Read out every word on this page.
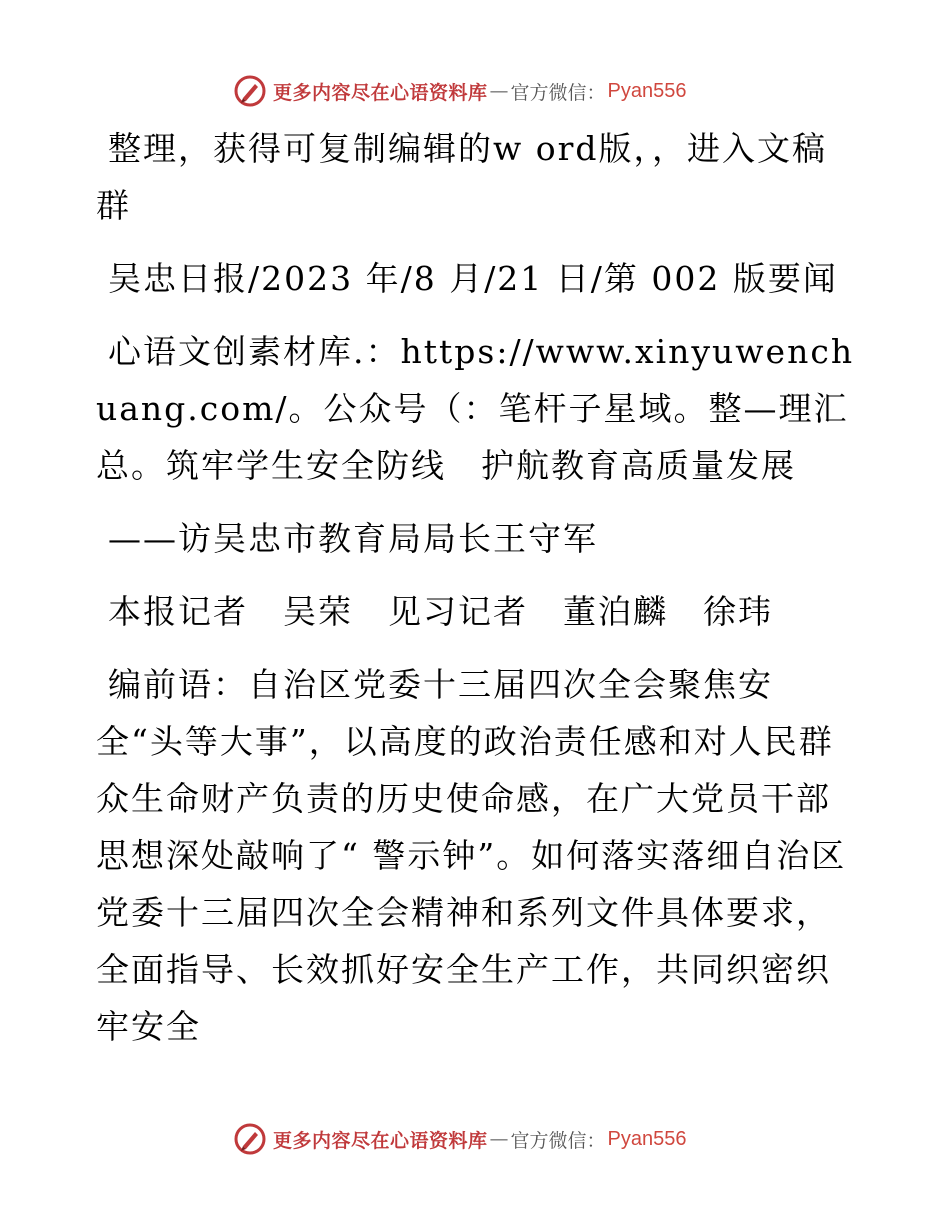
更多内容尽在心语资料库 — 官方微信： Pyan556

整理，获得可复制编辑的w ord版，，进入文稿群

吴忠日报/2023 年/8 月/21 日/第 002 版要闻

心语文创素材库.：https://www.xinyuwenchuang.com/。公众号（：笔杆子星域。整—理汇总。筑牢学生安全防线　护航教育高质量发展

——访吴忠市教育局局长王守军

本报记者　吴荣　见习记者　董泊麟　徐玮

编前语：自治区党委十三届四次全会聚焦安全“头等大事”，以高度的政治责任感和对人民群众生命财产负责的历史使命感，在广大党员干部思想深处敲响了“ 警示钟”。如何落实落细自治区党委十三届四次全会精神和系列文件具体要求，全面指导、长效抓好安全生产工作，共同织密织牢安全

更多内容尽在心语资料库 — 官方微信： Pyan556
